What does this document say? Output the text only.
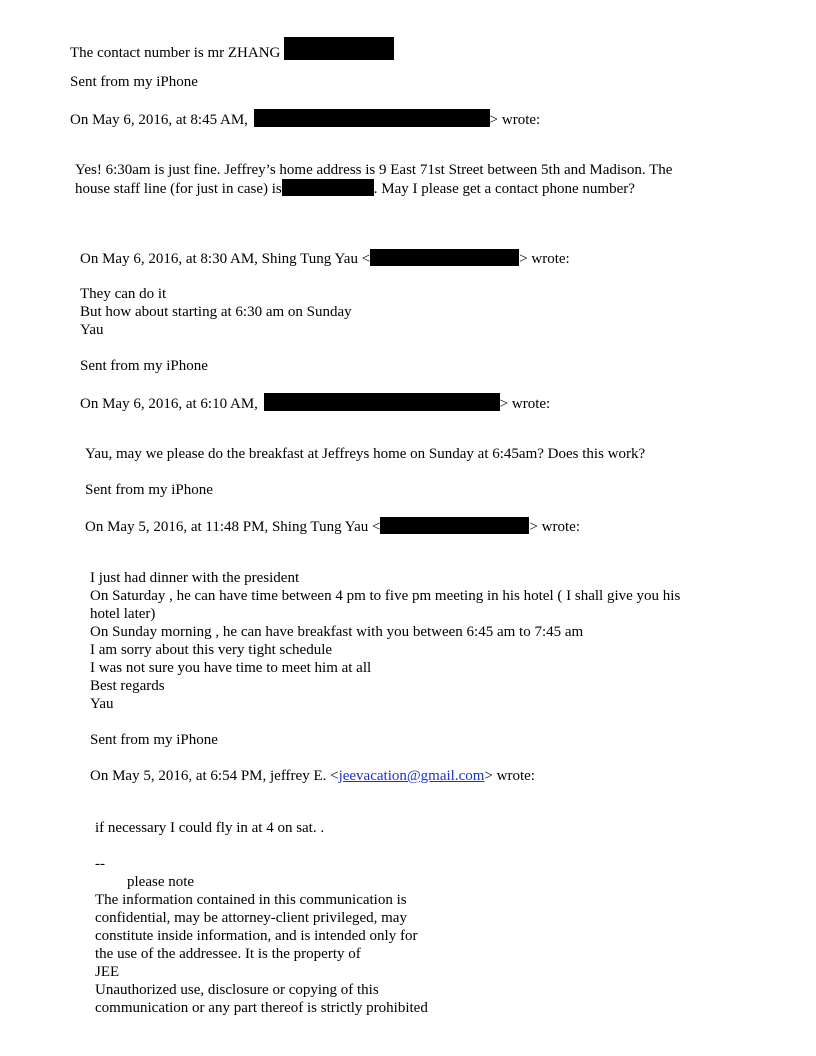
The contact number is mr ZHANG
Sent from my iPhone
On May 6, 2016, at 8:45 AM,	> wrote:
Yes! 6:30am is just fine. Jeffrey’s home address is 9 East 71st Street between 5th and Madison. The
house staff line (for just in case) is	. May I please get a contact phone number?
On May 6, 2016, at 8:30 AM, Shing Tung Yau <	> wrote:
They can do it
But how about starting at 6:30 am on Sunday
Yau
Sent from my iPhone
On May 6, 2016, at 6:10 AM,	> wrote:
Yau, may we please do the breakfast at Jeffreys home on Sunday at 6:45am? Does this work?
Sent from my iPhone
On May 5, 2016, at 11:48 PM, Shing Tung Yau <	> wrote:
I just had dinner with the president
On Saturday , he can have time between 4 pm to five pm meeting in his hotel ( I shall give you his
hotel later)
On Sunday morning , he can have breakfast with you between 6:45 am to 7:45 am
I am sorry about this very tight schedule
I was not sure you have time to meet him at all
Best regards
Yau
Sent from my iPhone
On May 5, 2016, at 6:54 PM, jeffrey E. <jeevacation@gmail.com> wrote:
if necessary I could fly in at 4 on sat. .
--
please note
The information contained in this communication is
confidential, may be attorney-client privileged, may
constitute inside information, and is intended only for
the use of the addressee. It is the property of
JEE
Unauthorized use, disclosure or copying of this
communication or any part thereof is strictly prohibited
